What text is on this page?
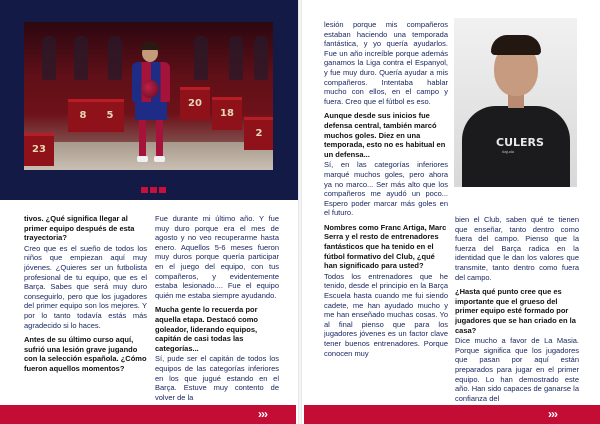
23
8	5
20
18
2

tivos. ¿Qué significa llegar al primer equipo después de esta trayectoria?

Creo que es el sueño de todos los niños que empiezan aquí muy jóvenes. ¿Quieres ser un futbolista profesional de tu equipo, que es el Barça. Sabes que será muy duro conseguirlo, pero que los jugadores del primer equipo son los mejores. Y por lo tanto todavía estás más agradecido si lo haces.

Antes de su último curso aquí, sufrió una lesión grave jugando con la selección española. ¿Cómo fueron aquellos momentos?

Fue durante mi último año. Y fue muy duro porque era el mes de agosto y no veo recuperarme hasta enero. Aquellos 5-6 meses fueron muy duros porque quería participar en el juego del equipo, con tus compañeros, y evidentemente estaba lesionado.... Fue el equipo quién me estaba siempre ayudando.

Mucha gente lo recuerda por aquella etapa. Destacó como goleador, liderando equipos, capitán de casi todas las categorías...

Sí, pude ser el capitán de todos los equipos de las categorías inferiores en los que jugué estando en el Barça. Estuve muy contento de volver de la

lesión porque mis compañeros estaban haciendo una temporada fantástica, y yo quería ayudarlos. Fue un año increíble porque además ganamos la Liga contra el Espanyol, y fue muy duro. Quería ayudar a mis compañeros. Intentaba hablar mucho con ellos, en el campo y fuera. Creo que el fútbol es eso.

Aunque desde sus inicios fue defensa central, también marcó muchos goles. Diez en una temporada, esto no es habitual en un defensa...

Sí, en las categorías inferiores marqué muchos goles, pero ahora ya no marco... Ser más alto que los compañeros me ayudó un poco... Espero poder marcar más goles en el futuro.

Nombres como Franc Artiga, Marc Serra y el resto de entrenadores fantásticos que ha tenido en el fútbol formativo del Club, ¿qué han significado para usted?

Todos los entrenadores que he tenido, desde el principio en la Barça Escuela hasta cuando me fui siendo cadete, me han ayudado mucho y me han enseñado muchas cosas. Yo al final pienso que para los jugadores jóvenes es un factor clave tener buenos entrenadores. Porque conocen muy

bien el Club, saben qué te tienen que enseñar, tanto dentro como fuera del campo. Pienso que la fuerza del Barça radica en la identidad que le dan los valores que transmite, tanto dentro como fuera del campo.

¿Hasta qué punto cree que es importante que el grueso del primer equipo esté formado por jugadores que se han criado en la casa?

Dice mucho a favor de La Masia. Porque significa que los jugadores que pasan por aquí están preparados para jugar en el primer equipo. Lo han demostrado este año. Han sido capaces de ganarse la confianza del

CULERS
#ajuda
›››	›››
